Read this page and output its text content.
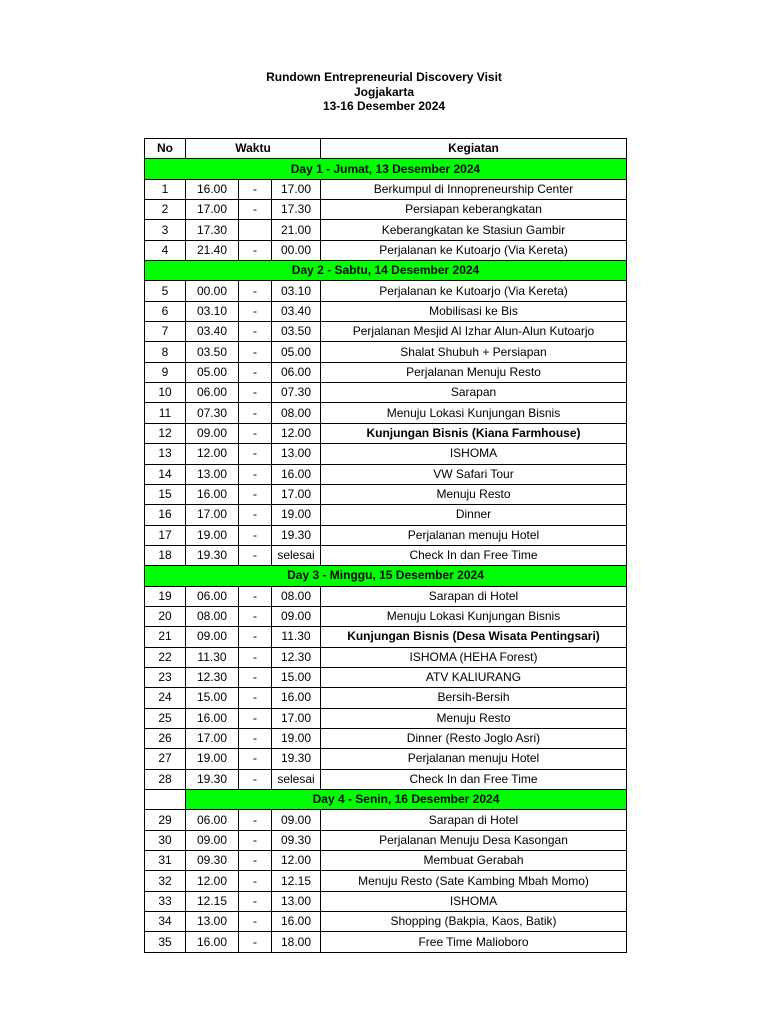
Rundown Entrepreneurial Discovery Visit
Jogjakarta
13-16 Desember 2024
No	Waktu			Kegiatan
Day 1 - Jumat, 13 Desember 2024				
1	16.00	-	17.00	Berkumpul di Innopreneurship Center
2	17.00	-	17.30	Persiapan keberangkatan
3	17.30		21.00	Keberangkatan ke Stasiun Gambir
4	21.40	-	00.00	Perjalanan ke Kutoarjo (Via Kereta)
Day 2 - Sabtu, 14 Desember 2024				
5	00.00	-	03.10	Perjalanan ke Kutoarjo (Via Kereta)
6	03.10	-	03.40	Mobilisasi ke Bis
7	03.40	-	03.50	Perjalanan Mesjid Al Izhar Alun-Alun Kutoarjo
8	03.50	-	05.00	Shalat Shubuh + Persiapan
9	05.00	-	06.00	Perjalanan Menuju Resto
10	06.00	-	07.30	Sarapan
11	07.30	-	08.00	Menuju Lokasi Kunjungan Bisnis
12	09.00	-	12.00	Kunjungan Bisnis (Kiana Farmhouse)
13	12.00	-	13.00	ISHOMA
14	13.00	-	16.00	VW Safari Tour
15	16.00	-	17.00	Menuju Resto
16	17.00	-	19.00	Dinner
17	19.00	-	19.30	Perjalanan menuju Hotel
18	19.30	-	selesai	Check In dan Free Time
Day 3 - Minggu, 15 Desember 2024				
19	06.00	-	08.00	Sarapan di Hotel
20	08.00	-	09.00	Menuju Lokasi Kunjungan Bisnis
21	09.00	-	11.30	Kunjungan Bisnis (Desa Wisata Pentingsari)
22	11.30	-	12.30	ISHOMA (HEHA Forest)
23	12.30	-	15.00	ATV KALIURANG
24	15.00	-	16.00	Bersih-Bersih
25	16.00	-	17.00	Menuju Resto
26	17.00	-	19.00	Dinner (Resto Joglo Asri)
27	19.00	-	19.30	Perjalanan menuju Hotel
28	19.30	-	selesai	Check In dan Free Time
	Day 4 - Senin, 16 Desember 2024			
29	06.00	-	09.00	Sarapan di Hotel
30	09.00	-	09.30	Perjalanan Menuju Desa Kasongan
31	09.30	-	12.00	Membuat Gerabah
32	12.00	-	12.15	Menuju Resto (Sate Kambing Mbah Momo)
33	12.15	-	13.00	ISHOMA
34	13.00	-	16.00	Shopping (Bakpia, Kaos, Batik)
35	16.00	-	18.00	Free Time Malioboro
